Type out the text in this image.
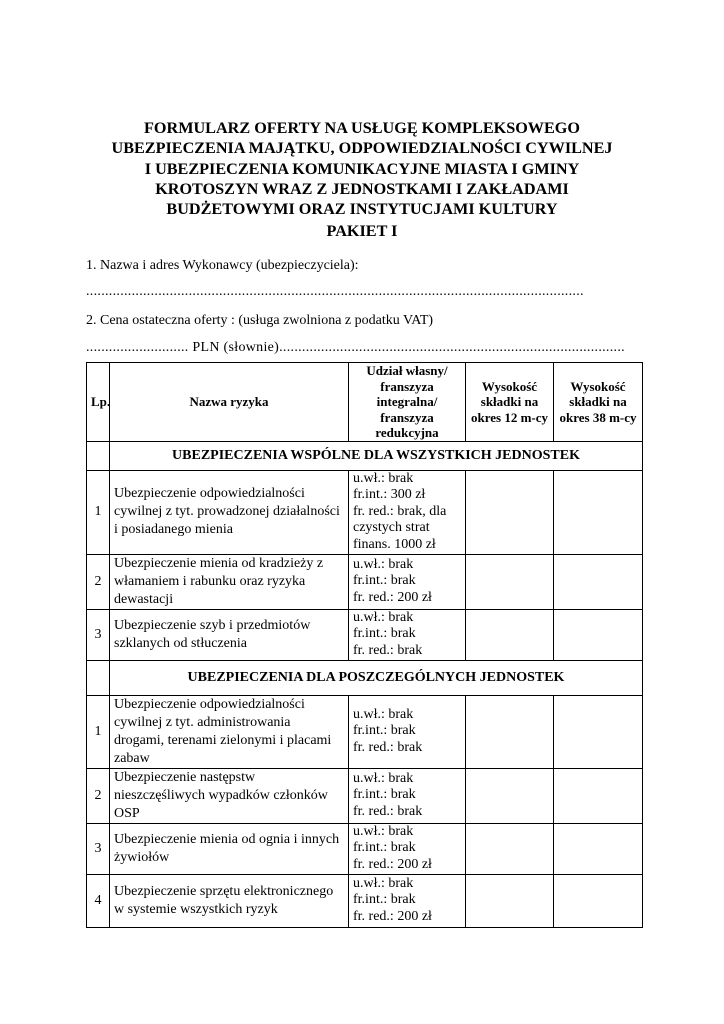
FORMULARZ OFERTY NA USŁUGĘ KOMPLEKSOWEGO
UBEZPIECZENIA MAJĄTKU, ODPOWIEDZIALNOŚCI CYWILNEJ
I UBEZPIECZENIA KOMUNIKACYJNE MIASTA I GMINY
KROTOSZYN WRAZ Z JEDNOSTKAMI I ZAKŁADAMI
BUDŻETOWYMI ORAZ INSTYTUCJAMI KULTURY
PAKIET I
1. Nazwa i adres Wykonawcy (ubezpieczyciela):
...................................................................................................................................
2. Cena ostateczna oferty : (usługa zwolniona z podatku VAT)
........................... PLN (słownie)...........................................................................................
Lp.	Nazwa ryzyka	Udział własny/ franszyza integralna/ franszyza redukcyjna	Wysokość składki na okres 12 m-cy	Wysokość składki na okres 38 m-cy
	UBEZPIECZENIA WSPÓLNE DLA WSZYSTKICH JEDNOSTEK			
1	Ubezpieczenie odpowiedzialności cywilnej z tyt. prowadzonej działalności i posiadanego mienia	u.wł.: brak
fr.int.: 300 zł
fr. red.: brak, dla czystych strat finans. 1000 zł		

2	Ubezpieczenie mienia od kradzieży z włamaniem i rabunku oraz ryzyka dewastacji	u.wł.: brak
fr.int.: brak
fr. red.: 200 zł		

3	Ubezpieczenie szyb i przedmiotów szklanych od stłuczenia	u.wł.: brak
fr.int.: brak
fr. red.: brak		

	UBEZPIECZENIA DLA POSZCZEGÓLNYCH JEDNOSTEK			
1	Ubezpieczenie odpowiedzialności cywilnej z tyt. administrowania drogami, terenami zielonymi i placami zabaw	u.wł.: brak
fr.int.: brak
fr. red.: brak		

2	Ubezpieczenie następstw nieszczęśliwych wypadków członków OSP	u.wł.: brak
fr.int.: brak
fr. red.: brak		

3	Ubezpieczenie mienia od ognia i innych żywiołów	u.wł.: brak
fr.int.: brak
fr. red.: 200 zł		

4	Ubezpieczenie sprzętu elektronicznego w systemie wszystkich ryzyk	u.wł.: brak
fr.int.: brak
fr. red.: 200 zł		
